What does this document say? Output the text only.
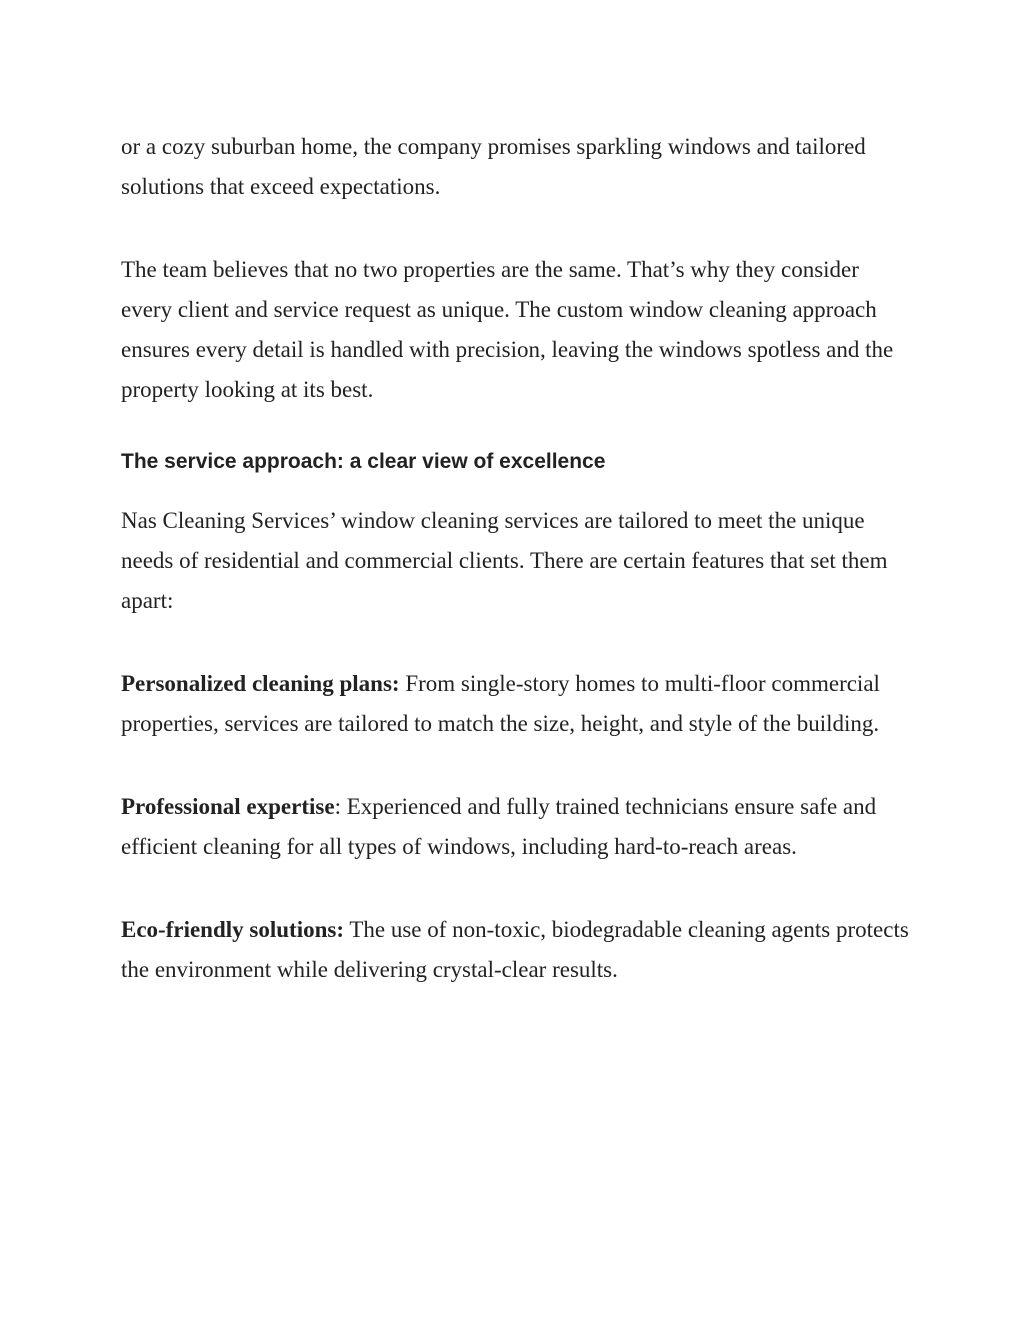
or a cozy suburban home, the company promises sparkling windows and tailored solutions that exceed expectations.

The team believes that no two properties are the same. That’s why they consider every client and service request as unique. The custom window cleaning approach ensures every detail is handled with precision, leaving the windows spotless and the property looking at its best.

The service approach: a clear view of excellence

Nas Cleaning Services’ window cleaning services are tailored to meet the unique needs of residential and commercial clients. There are certain features that set them apart:

Personalized cleaning plans: From single-story homes to multi-floor commercial properties, services are tailored to match the size, height, and style of the building.

Professional expertise: Experienced and fully trained technicians ensure safe and efficient cleaning for all types of windows, including hard-to-reach areas.

Eco-friendly solutions: The use of non-toxic, biodegradable cleaning agents protects the environment while delivering crystal-clear results.
